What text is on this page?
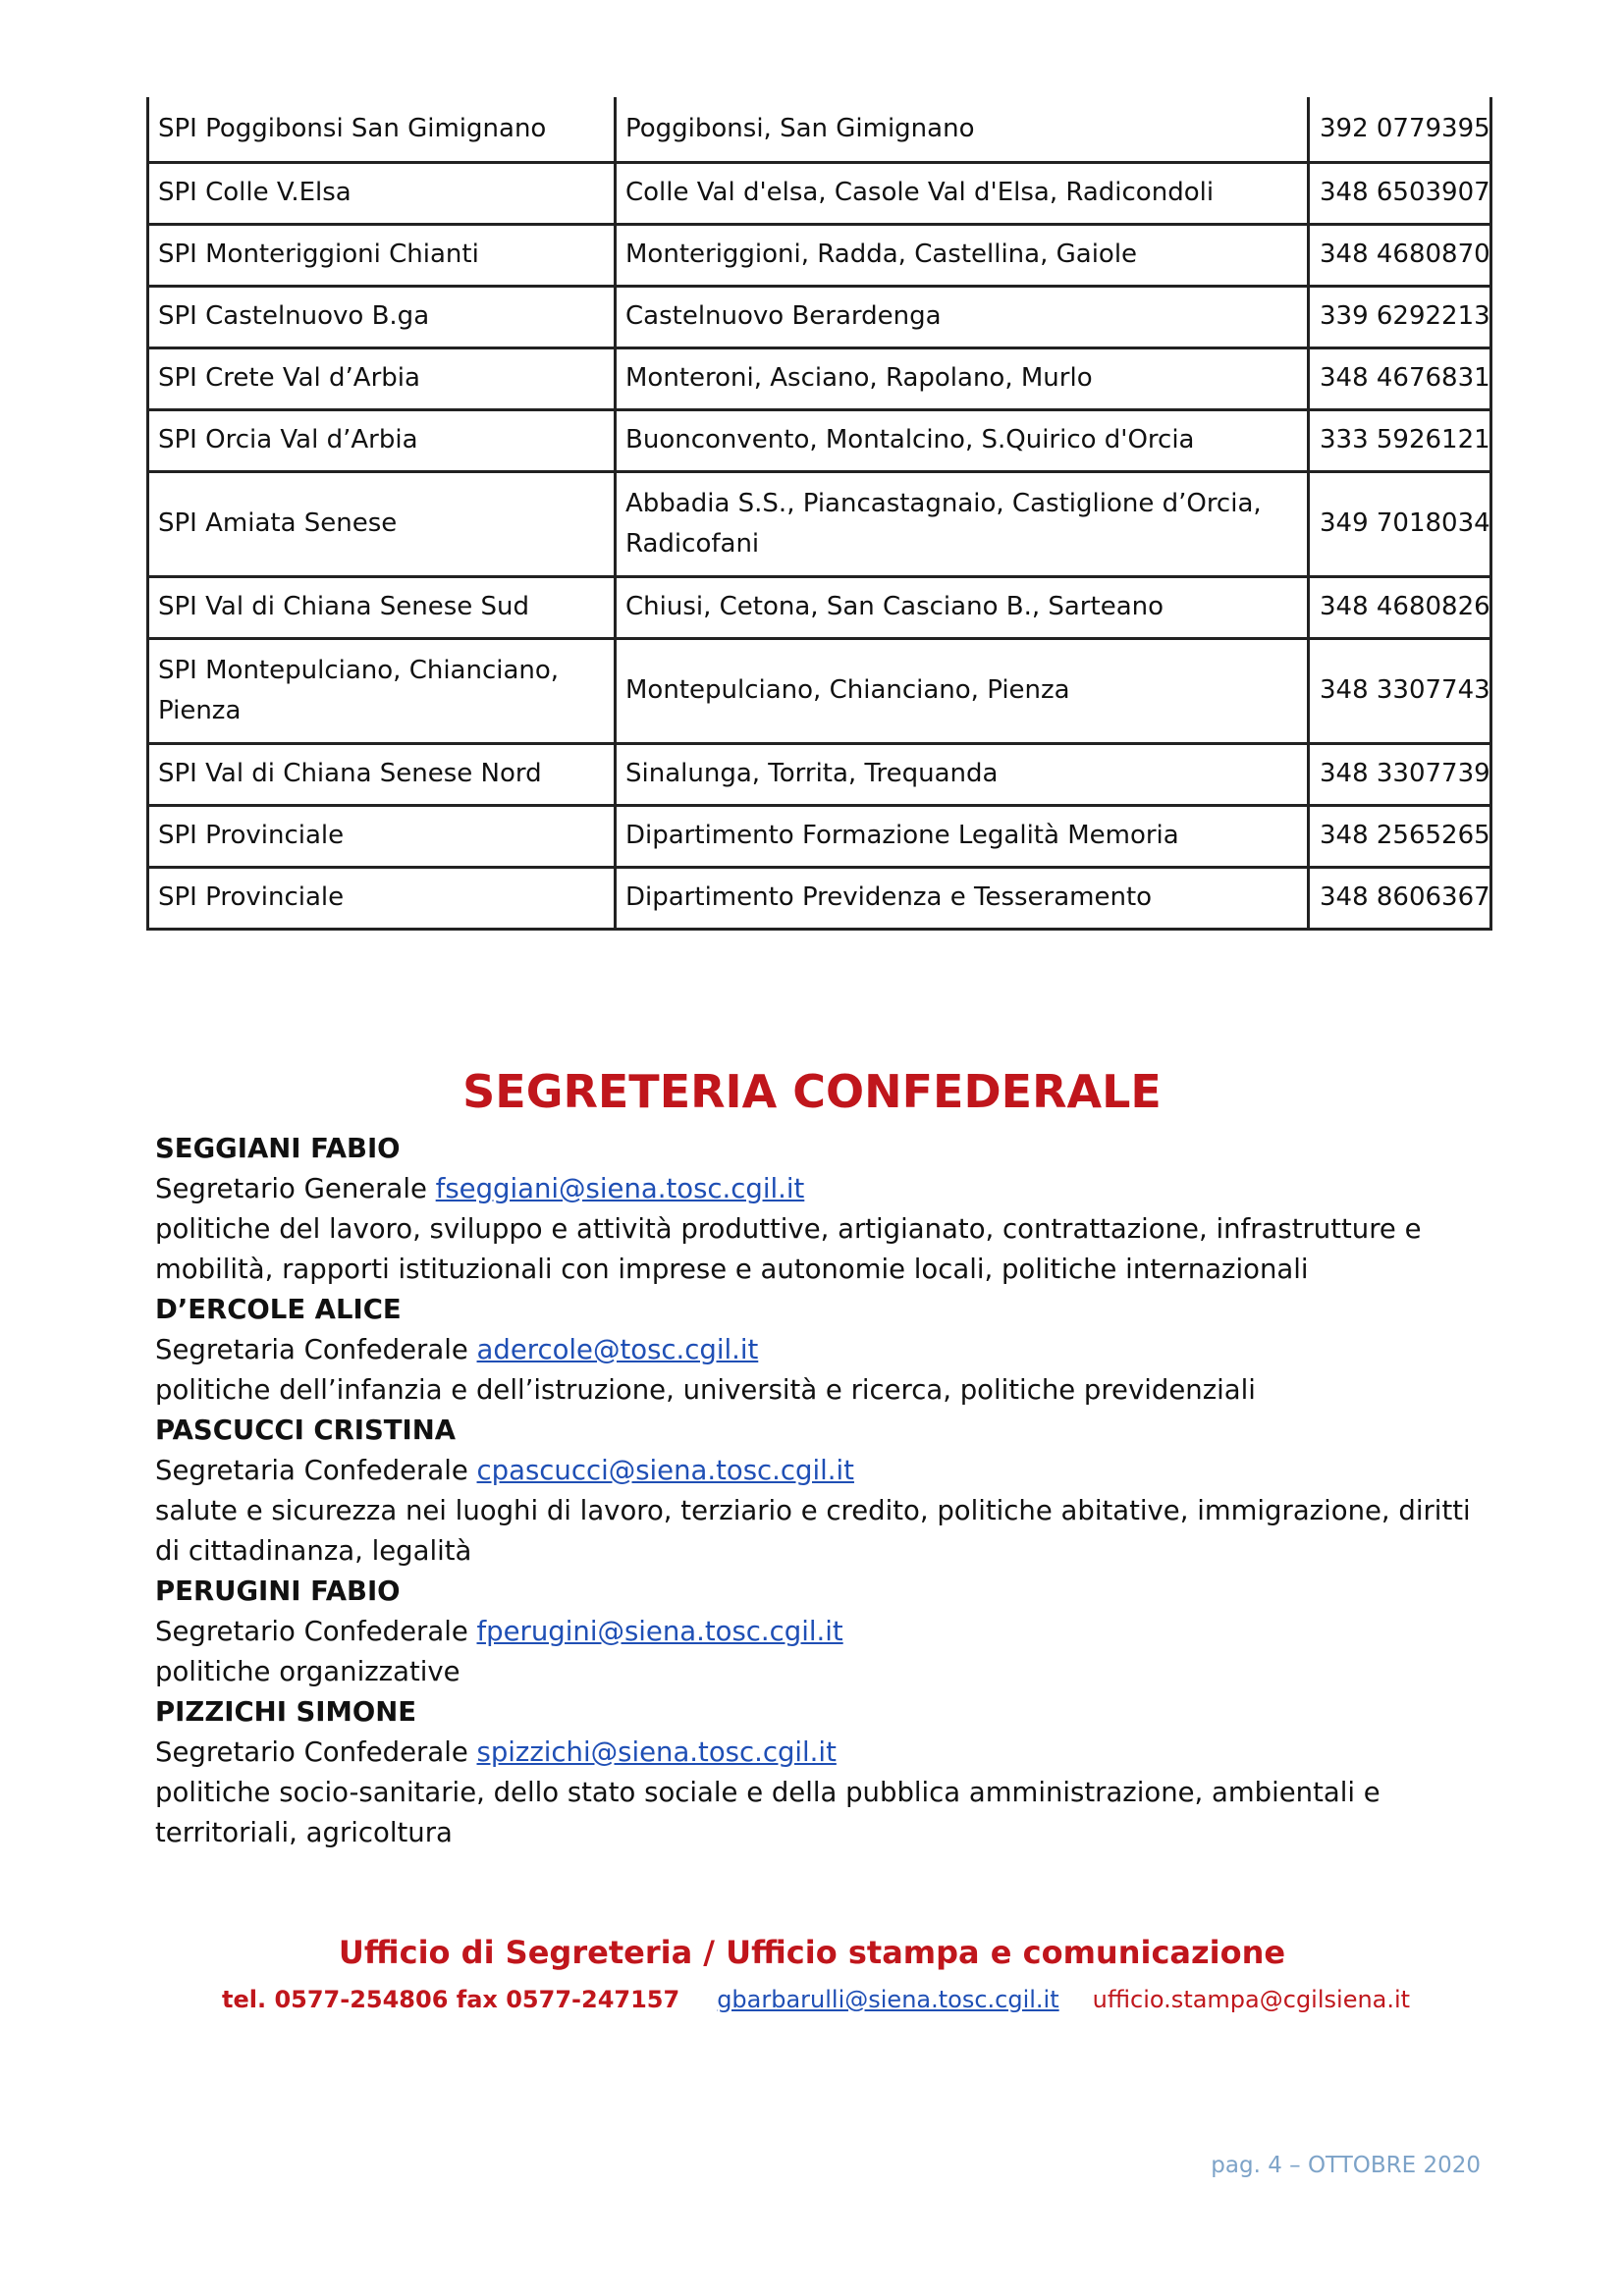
SPI Poggibonsi San Gimignano	Poggibonsi, San Gimignano	392 0779395
SPI Colle V.Elsa	Colle Val d'elsa, Casole Val d'Elsa, Radicondoli	348 6503907
SPI Monteriggioni Chianti	Monteriggioni, Radda, Castellina, Gaiole	348 4680870
SPI Castelnuovo B.ga	Castelnuovo Berardenga	339 6292213
SPI Crete Val d’Arbia	Monteroni, Asciano, Rapolano, Murlo	348 4676831
SPI Orcia Val d’Arbia	Buonconvento, Montalcino, S.Quirico d'Orcia	333 5926121
SPI Amiata Senese	Abbadia S.S., Piancastagnaio, Castiglione d’Orcia, Radicofani	349 7018034
SPI Val di Chiana Senese Sud	Chiusi, Cetona, San Casciano B., Sarteano	348 4680826
SPI Montepulciano, Chianciano, Pienza	Montepulciano, Chianciano, Pienza	348 3307743
SPI Val di Chiana Senese Nord	Sinalunga, Torrita, Trequanda	348 3307739
SPI Provinciale	Dipartimento Formazione Legalità Memoria	348 2565265
SPI Provinciale	Dipartimento Previdenza e Tesseramento	348 8606367
SEGRETERIA CONFEDERALE

SEGGIANI FABIO

Segretario Generale fseggiani@siena.tosc.cgil.it

politiche del lavoro, sviluppo e attività produttive, artigianato, contrattazione, infrastrutture e mobilità, rapporti istituzionali con imprese e autonomie locali, politiche internazionali

D’ERCOLE ALICE

Segretaria Confederale adercole@tosc.cgil.it

politiche dell’infanzia e dell’istruzione, università e ricerca, politiche previdenziali

PASCUCCI CRISTINA

Segretaria Confederale cpascucci@siena.tosc.cgil.it

salute e sicurezza nei luoghi di lavoro, terziario e credito, politiche abitative, immigrazione, diritti di cittadinanza, legalità

PERUGINI FABIO

Segretario Confederale fperugini@siena.tosc.cgil.it

politiche organizzative

PIZZICHI SIMONE

Segretario Confederale spizzichi@siena.tosc.cgil.it

politiche socio-sanitarie, dello stato sociale e della pubblica amministrazione, ambientali e territoriali, agricoltura

Ufficio di Segreteria / Ufficio stampa e comunicazione
tel. 0577-254806 fax 0577-247157 gbarbarulli@siena.tosc.cgil.it ufficio.stampa@cgilsiena.it
pag. 4 – OTTOBRE 2020
